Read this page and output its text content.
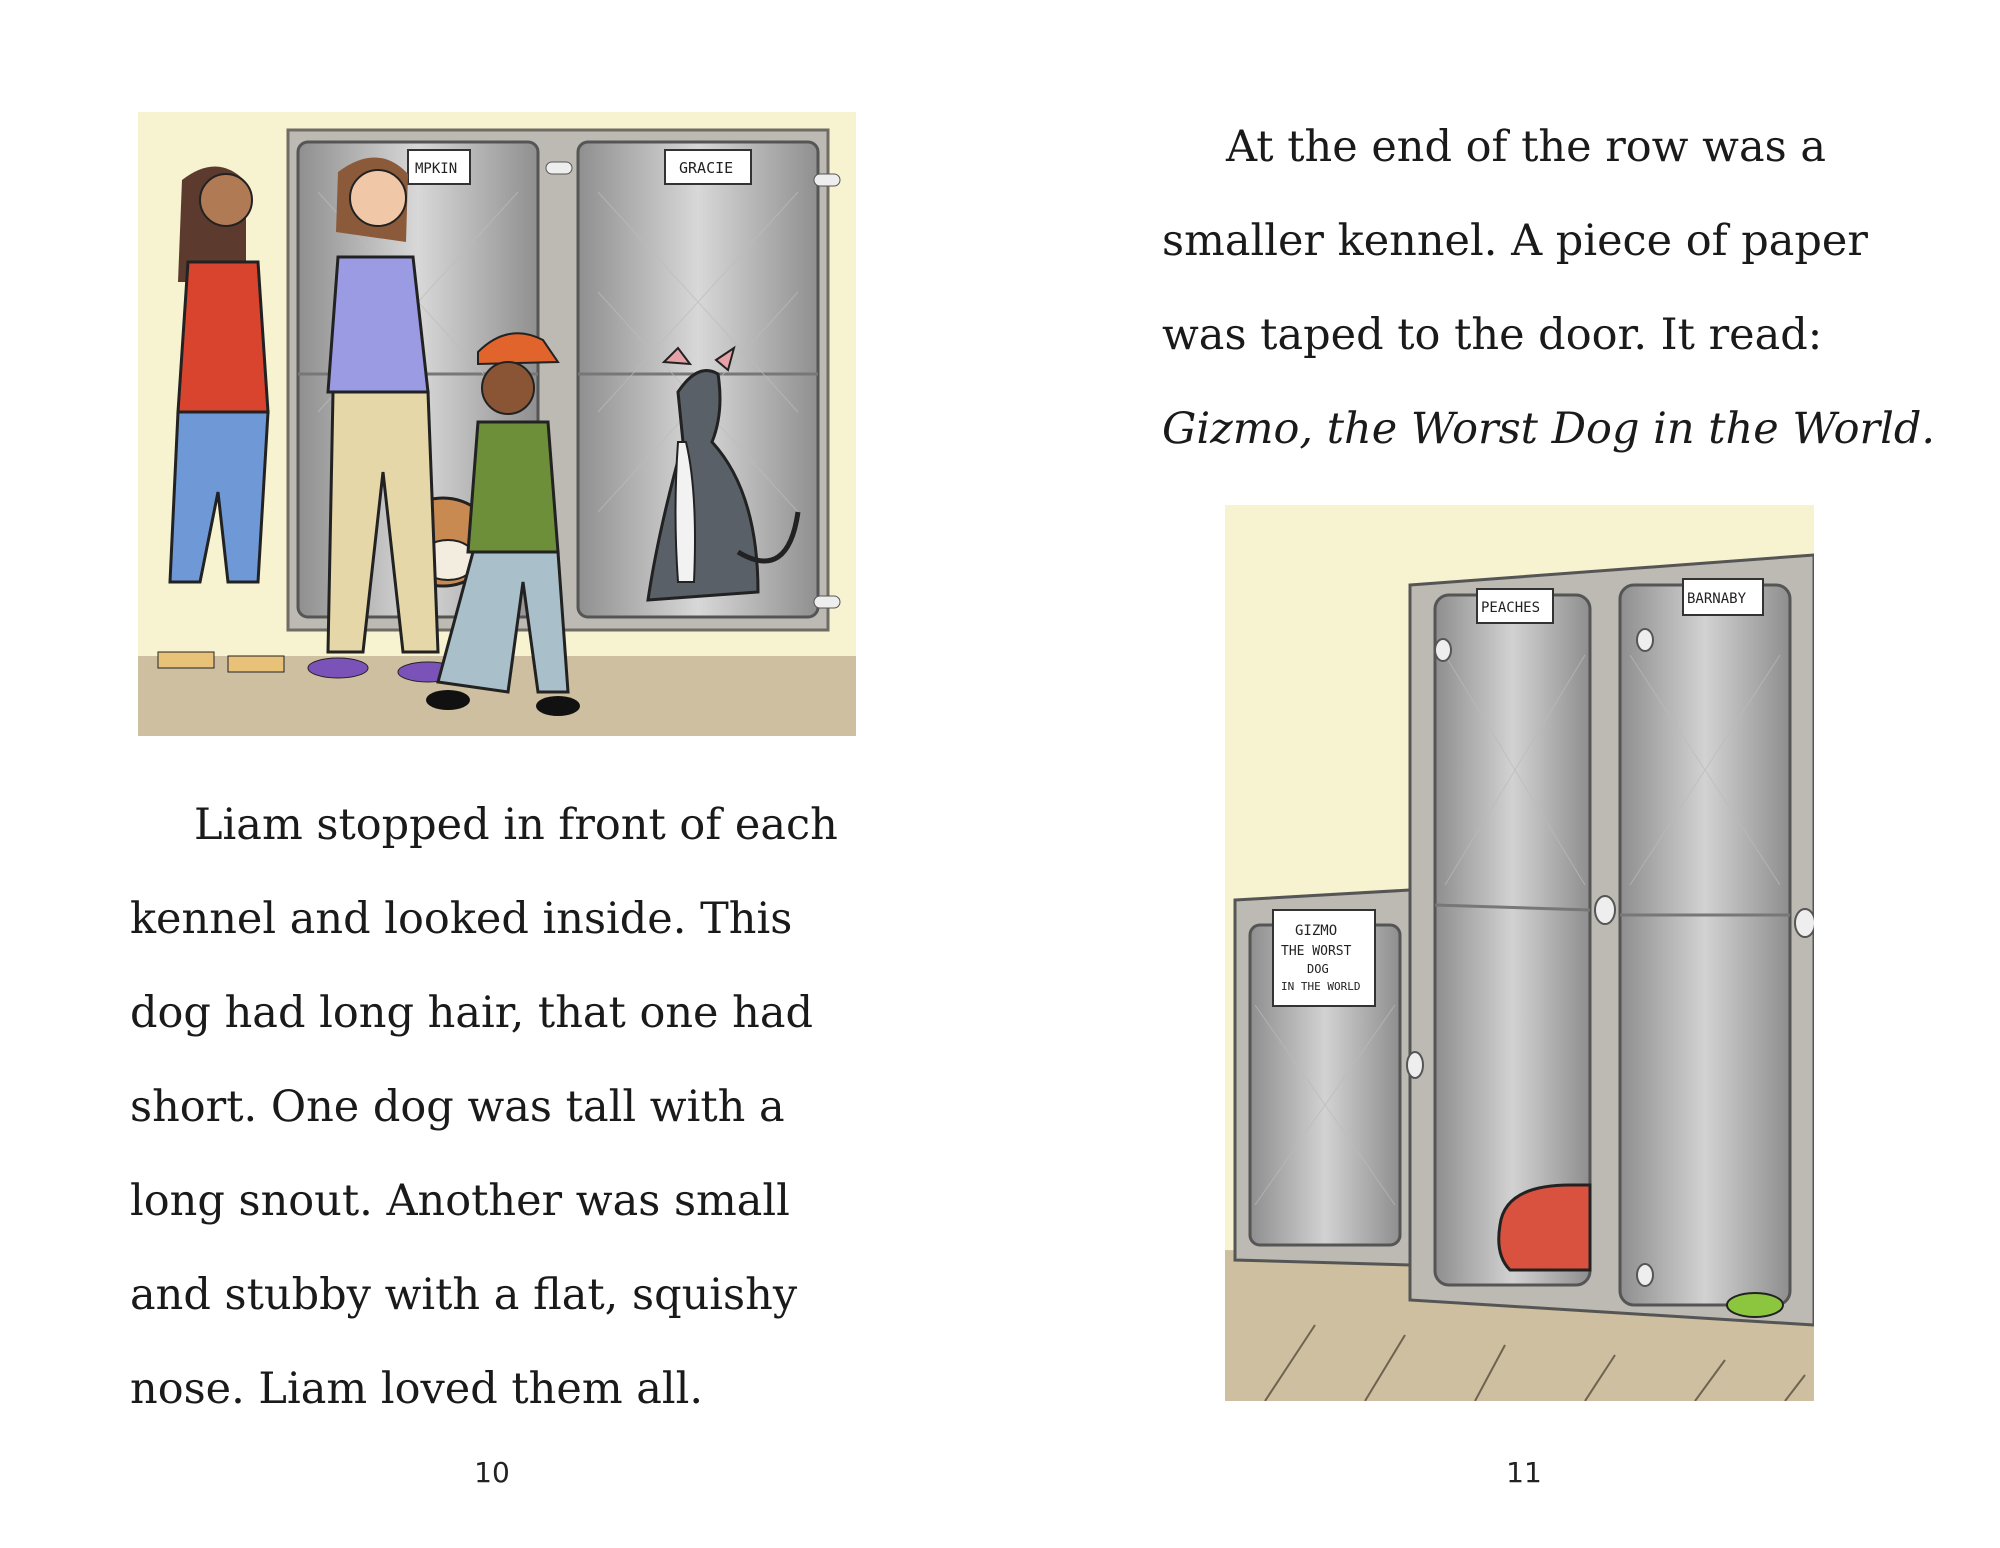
MPKIN	GRACIE
Liam stopped in front of each
kennel and looked inside. This
dog had long hair, that one had
short. One dog was tall with a
long snout. Another was small
and stubby with a flat, squishy
nose. Liam loved them all.
10
At the end of the row was a
smaller kennel. A piece of paper
was taped to the door. It read:
Gizmo, the Worst Dog in the World.
GIZMO
THE WORST
DOG
IN THE WORLD
PEACHES
BARNABY
11
